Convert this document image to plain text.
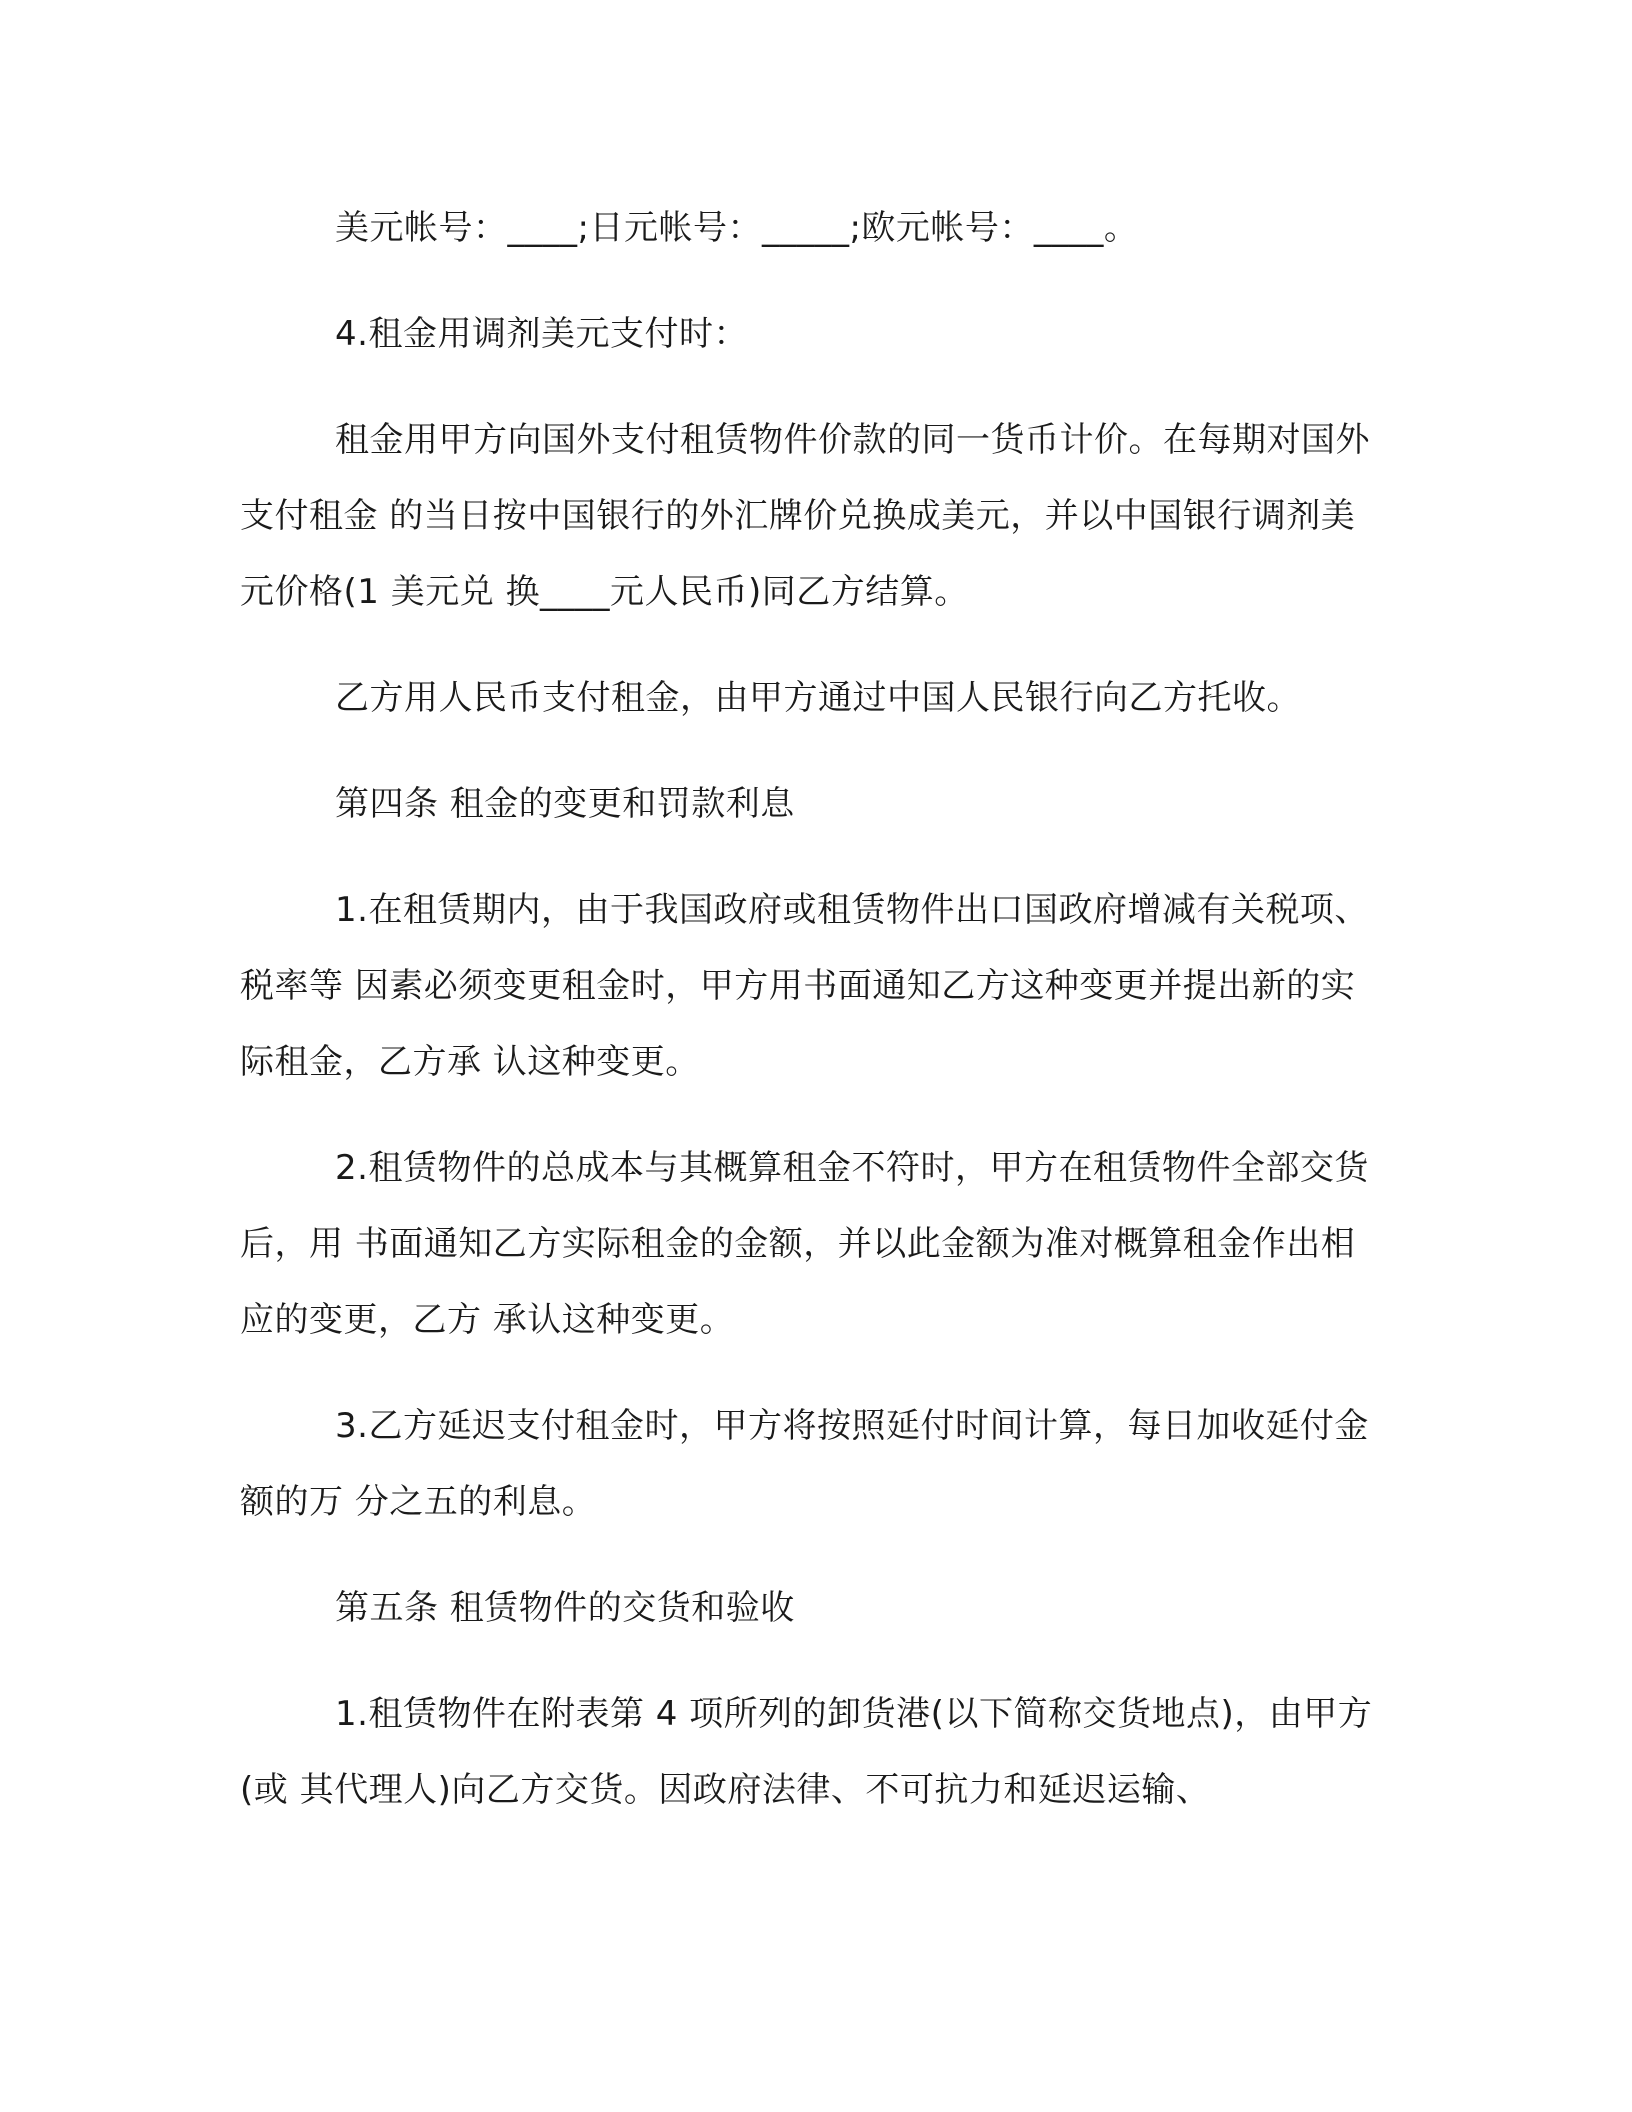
美元帐号：____;日元帐号：_____;欧元帐号：____。

4.租金用调剂美元支付时：

租金用甲方向国外支付租赁物件价款的同一货币计价。在每期对国外支付租金 的当日按中国银行的外汇牌价兑换成美元，并以中国银行调剂美元价格(1 美元兑 换____元人民币)同乙方结算。

乙方用人民币支付租金，由甲方通过中国人民银行向乙方托收。

第四条 租金的变更和罚款利息

1.在租赁期内，由于我国政府或租赁物件出口国政府增减有关税项、税率等 因素必须变更租金时，甲方用书面通知乙方这种变更并提出新的实际租金，乙方承 认这种变更。

2.租赁物件的总成本与其概算租金不符时，甲方在租赁物件全部交货后，用 书面通知乙方实际租金的金额，并以此金额为准对概算租金作出相应的变更，乙方 承认这种变更。

3.乙方延迟支付租金时，甲方将按照延付时间计算，每日加收延付金额的万 分之五的利息。

第五条 租赁物件的交货和验收

1.租赁物件在附表第 4 项所列的卸货港(以下简称交货地点)，由甲方(或 其代理人)向乙方交货。因政府法律、不可抗力和延迟运输、
